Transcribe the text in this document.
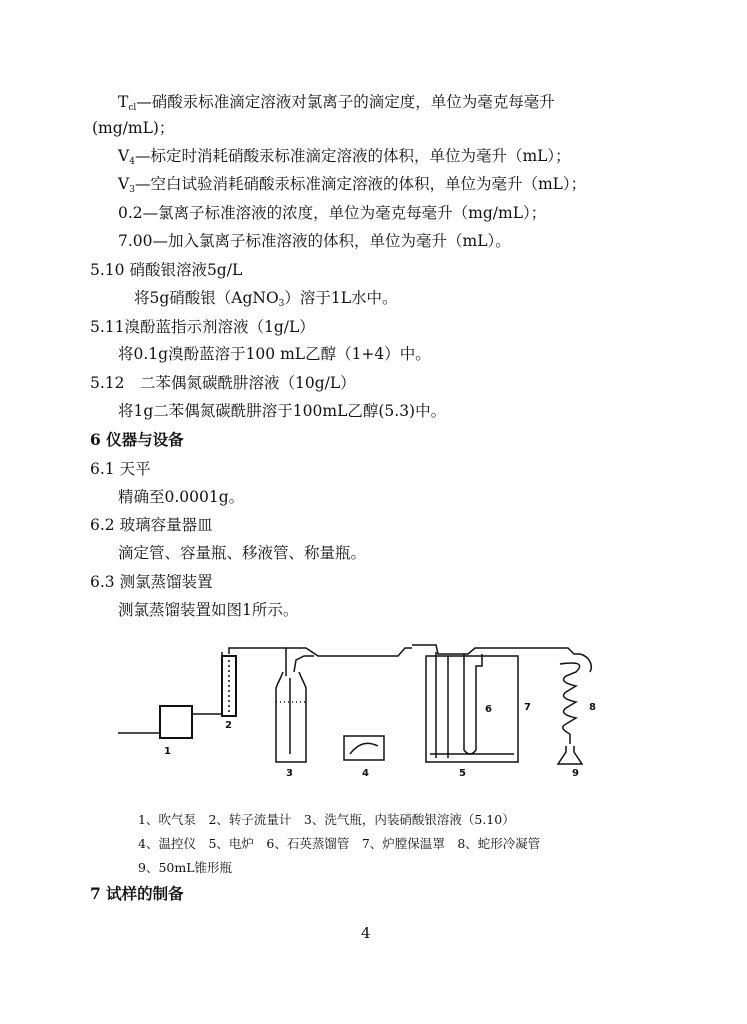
$T_{cl}—$硝酸汞标准滴定溶液对氯离子的滴定度，单位为毫克每毫升
(mg/mL)；
$V_4—$标定时消耗硝酸汞标准滴定溶液的体积，单位为毫升（mL）；
$V_3—$空白试验消耗硝酸汞标准滴定溶液的体积，单位为毫升（mL）；
0.2—氯离子标准溶液的浓度，单位为毫克每毫升（mg/mL）；
7.00—加入氯离子标准溶液的体积，单位为毫升（mL）。
5.10 硝酸银溶液5g/L
将5g硝酸银（AgNO$_3$）溶于1L水中。
5.11溴酚蓝指示剂溶液（1g/L）
将0.1g溴酚蓝溶于100 mL乙醇（1+4）中。
5.12　二苯偶氮碳酰肼溶液（10g/L）
将1g二苯偶氮碳酰肼溶于100mL乙醇(5.3)中。
6 仪器与设备
6.1 天平
精确至0.0001g。
6.2 玻璃容量器皿
滴定管、容量瓶、移液管、称量瓶。
6.3 测氯蒸馏装置
测氯蒸馏装置如图1所示。
1
2
3	4	5
6	7	8
9
1、吹气泵　2、转子流量计　3、洗气瓶，内装硝酸银溶液（5.10）
4、温控仪　5、电炉　6、石英蒸馏管　7、炉膛保温罩　8、蛇形冷凝管
9、50mL锥形瓶
7 试样的制备
4
